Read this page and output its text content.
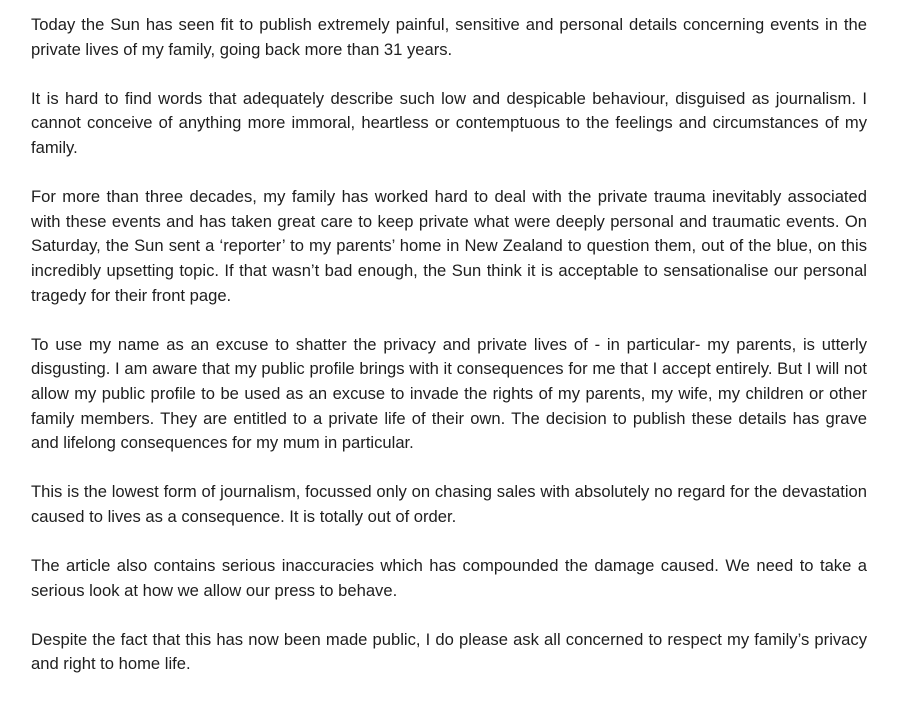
Today the Sun has seen fit to publish extremely painful, sensitive and personal details concerning events in the private lives of my family, going back more than 31 years.

It is hard to find words that adequately describe such low and despicable behaviour, disguised as journalism. I cannot conceive of anything more immoral, heartless or contemptuous to the feelings and circumstances of my family.

For more than three decades, my family has worked hard to deal with the private trauma inevitably associated with these events and has taken great care to keep private what were deeply personal and traumatic events. On Saturday, the Sun sent a ‘reporter’ to my parents’ home in New Zealand to question them, out of the blue, on this incredibly upsetting topic. If that wasn’t bad enough, the Sun think it is acceptable to sensationalise our personal tragedy for their front page.

To use my name as an excuse to shatter the privacy and private lives of - in particular- my parents, is utterly disgusting. I am aware that my public profile brings with it consequences for me that I accept entirely. But I will not allow my public profile to be used as an excuse to invade the rights of my parents, my wife, my children or other family members. They are entitled to a private life of their own. The decision to publish these details has grave and lifelong consequences for my mum in particular.

This is the lowest form of journalism, focussed only on chasing sales with absolutely no regard for the devastation caused to lives as a consequence. It is totally out of order.

The article also contains serious inaccuracies which has compounded the damage caused. We need to take a serious look at how we allow our press to behave.

Despite the fact that this has now been made public, I do please ask all concerned to respect my family’s privacy and right to home life.
